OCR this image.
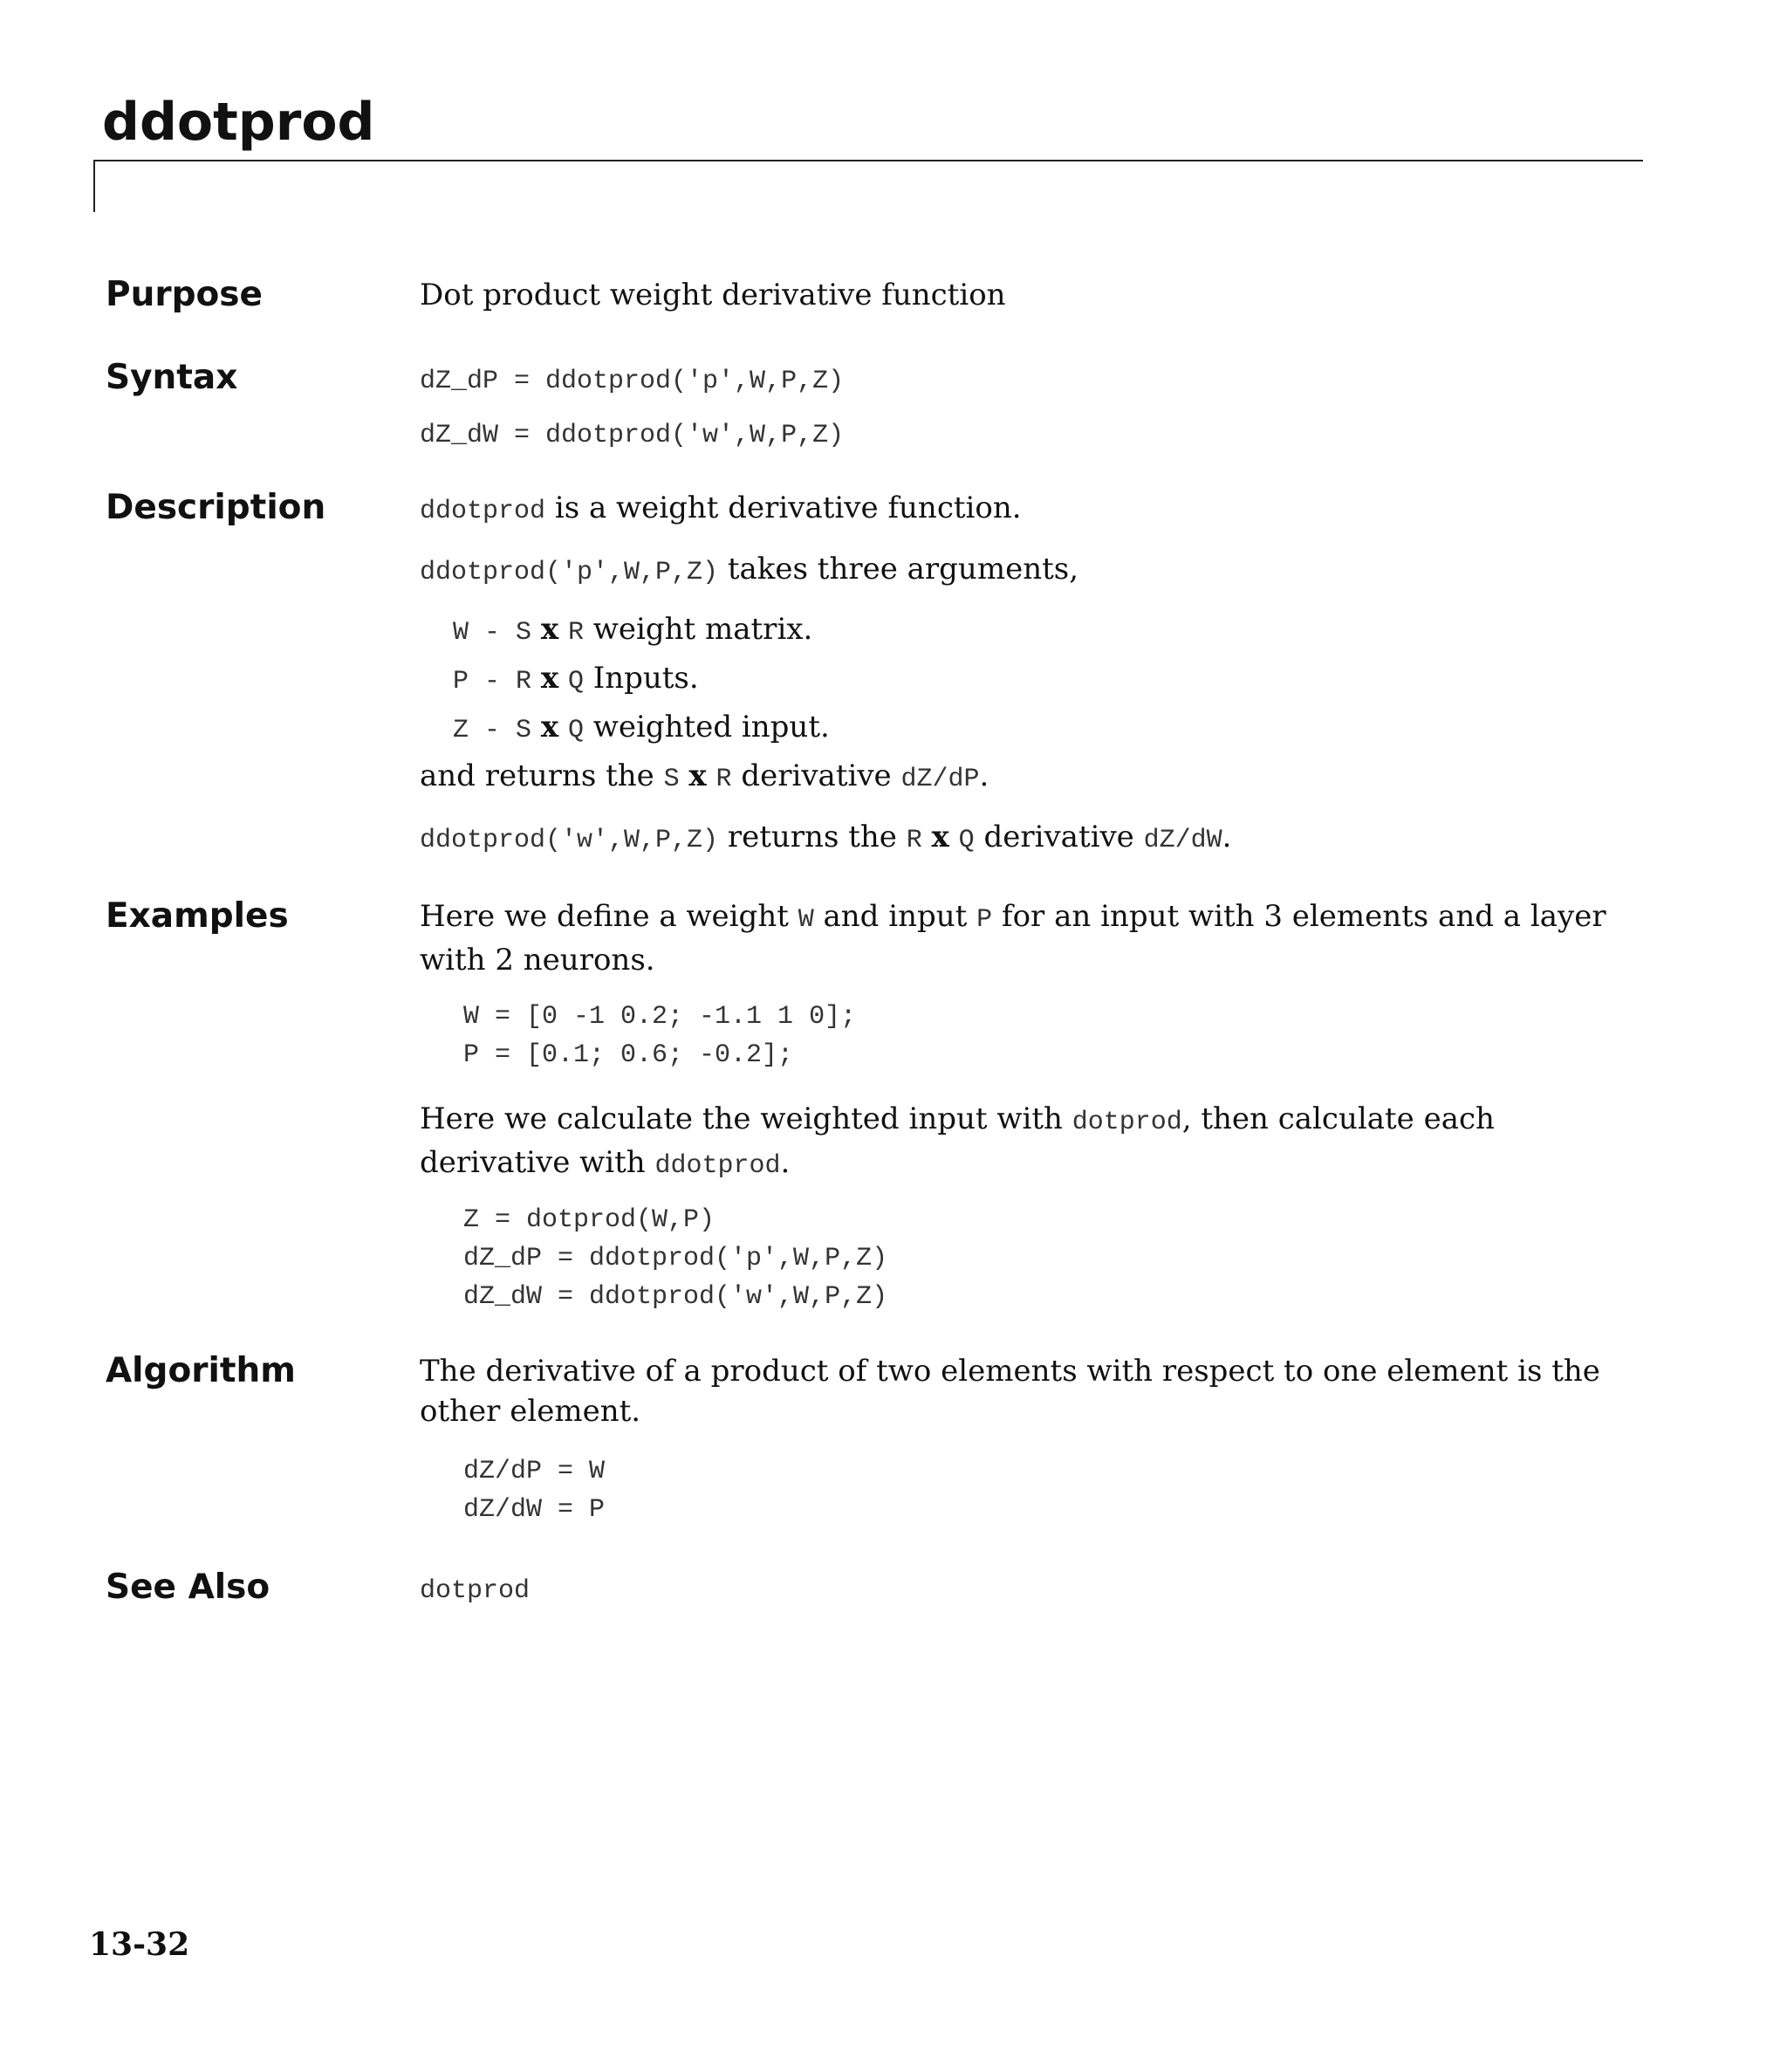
ddotprod
Purpose	Dot product weight derivative function

Syntax	dZ_dP = ddotprod('p',W,P,Z)

dZ_dW = ddotprod('w',W,P,Z)

Description	ddotprod is a weight derivative function.

ddotprod('p',W,P,Z) takes three arguments,

W - S x R weight matrix.

P - R x Q Inputs.

Z - S x Q weighted input.

and returns the S x R derivative dZ/dP.

ddotprod('w',W,P,Z) returns the R x Q derivative dZ/dW.

Examples	Here we define a weight W and input P for an input with 3 elements and a layer with 2 neurons.

W = [0 -1 0.2; -1.1 1 0];

P = [0.1; 0.6; -0.2];

Here we calculate the weighted input with dotprod, then calculate each derivative with ddotprod.

Z = dotprod(W,P)

dZ_dP = ddotprod('p',W,P,Z)

dZ_dW = ddotprod('w',W,P,Z)

Algorithm	The derivative of a product of two elements with respect to one element is the other element.

dZ/dP = W

dZ/dW = P

See Also	dotprod

13-32
